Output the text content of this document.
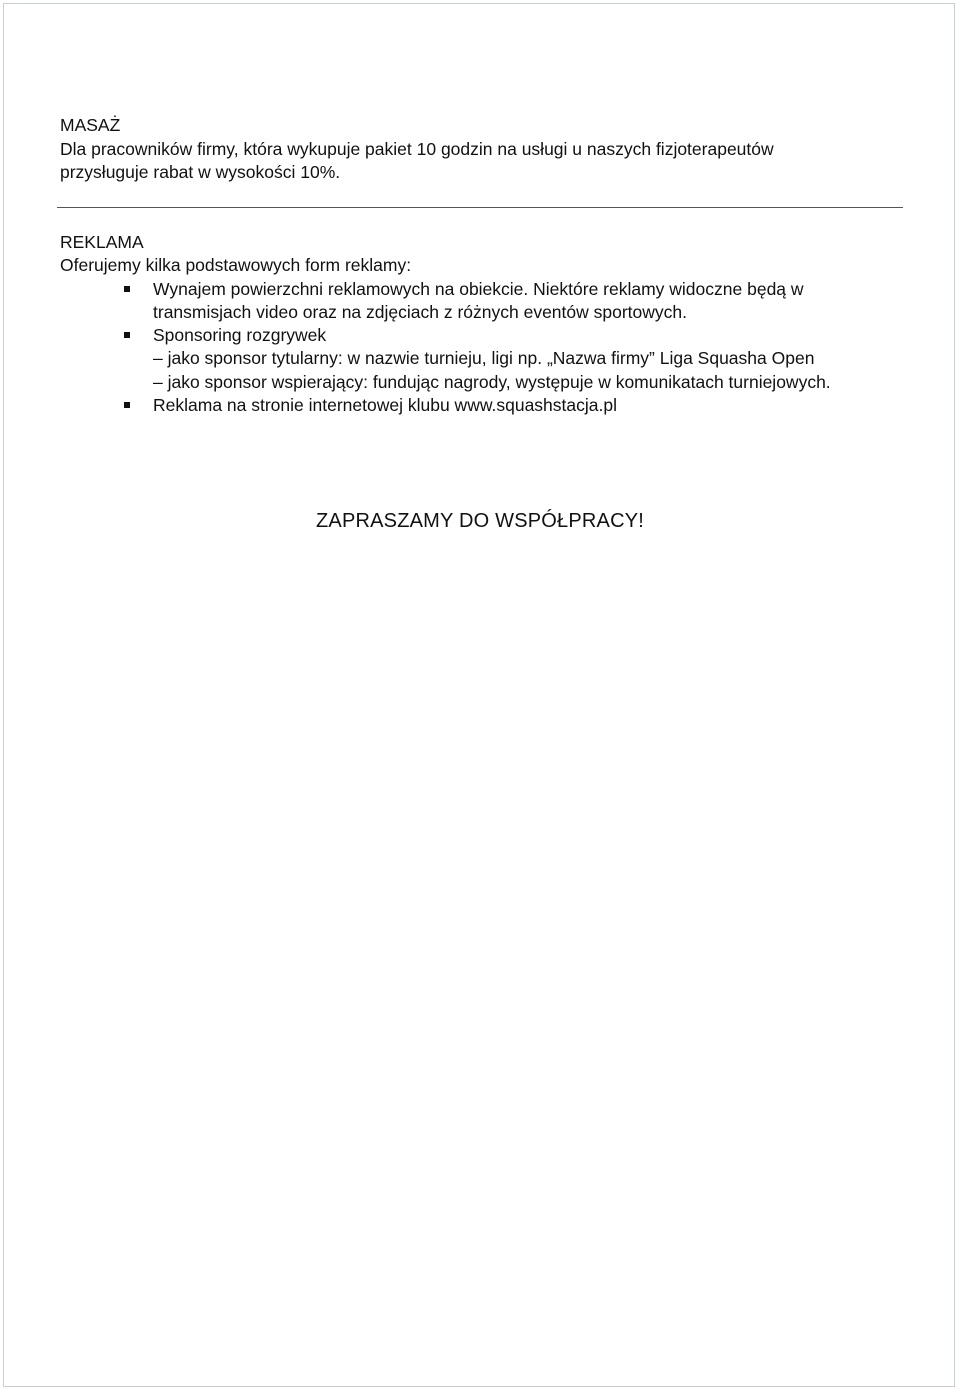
MASAŻ

Dla pracowników firmy, która wykupuje pakiet 10 godzin na usługi u naszych fizjoterapeutów

przysługuje rabat w wysokości 10%.

REKLAMA

Oferujemy kilka podstawowych form reklamy:

Wynajem powierzchni reklamowych na obiekcie. Niektóre reklamy widoczne będą w
transmisjach video oraz na zdjęciach z różnych eventów sportowych.
Sponsoring rozgrywek
– jako sponsor tytularny: w nazwie turnieju, ligi np. „Nazwa firmy” Liga Squasha Open
– jako sponsor wspierający: fundując nagrody, występuje w komunikatach turniejowych.
Reklama na stronie internetowej klubu www.squashstacja.pl
ZAPRASZAMY DO WSPÓŁPRACY!
